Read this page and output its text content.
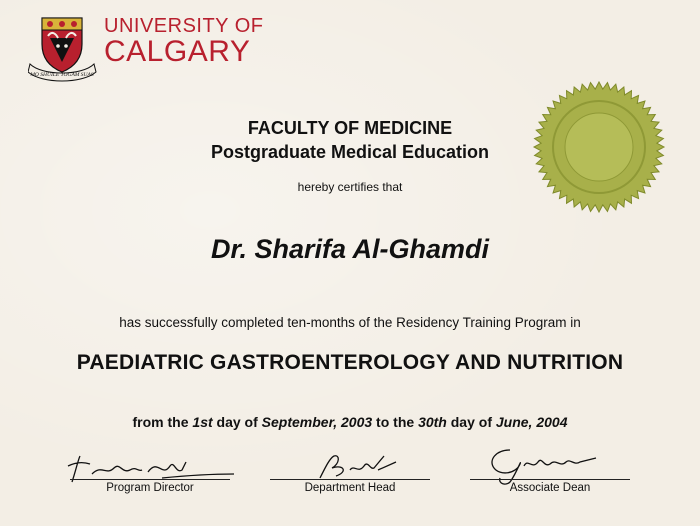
MO SHÙILE TOGAM SUAS
UNIVERSITY OF
CALGARY
FACULTY OF MEDICINE
Postgraduate Medical Education
hereby certifies that
Dr. Sharifa Al-Ghamdi
has successfully completed ten-months of the Residency Training Program in
PAEDIATRIC GASTROENTEROLOGY AND NUTRITION
from the 1st day of September, 2003 to the 30th day of June, 2004
Program Director	Department Head	Associate Dean
